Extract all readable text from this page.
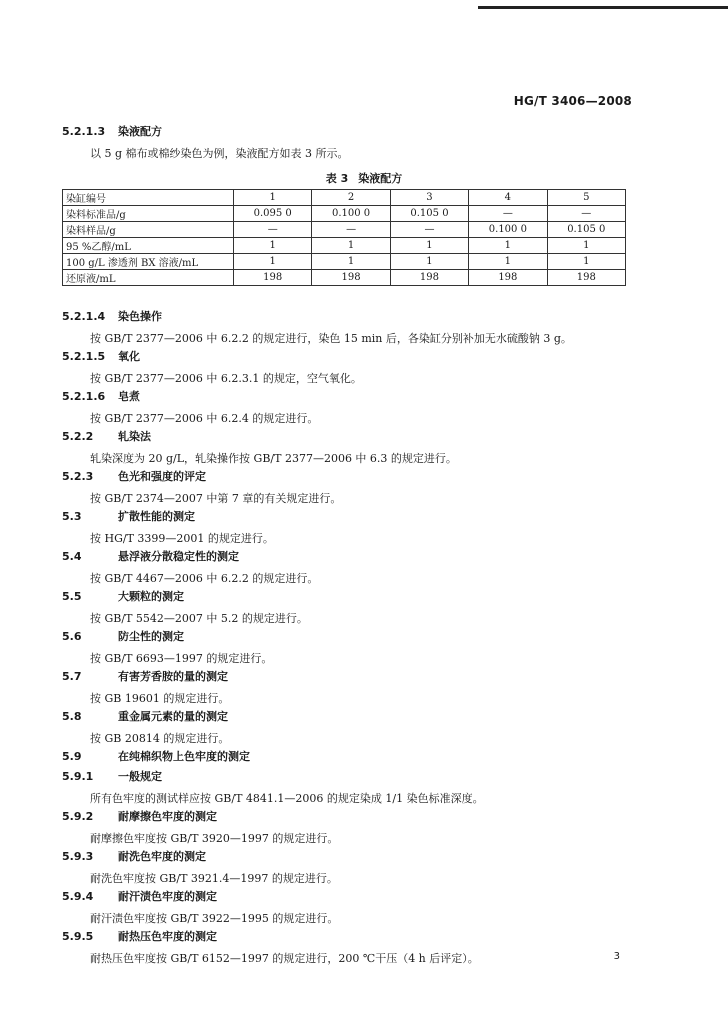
HG/T 3406—2008
5.2.1.3 染液配方
以 5 g 棉布或棉纱染色为例，染液配方如表 3 所示。
5.2.1.4 染色操作
按 GB/T 2377—2006 中 6.2.2 的规定进行，染色 15 min 后，各染缸分别补加无水硫酸钠 3 g。
5.2.1.5 氧化
按 GB/T 2377—2006 中 6.2.3.1 的规定，空气氧化。
5.2.1.6 皂煮
按 GB/T 2377—2006 中 6.2.4 的规定进行。
5.2.2 轧染法
轧染深度为 20 g/L，轧染操作按 GB/T 2377—2006 中 6.3 的规定进行。
5.2.3 色光和强度的评定
按 GB/T 2374—2007 中第 7 章的有关规定进行。
5.3	扩散性能的测定
按 HG/T 3399—2001 的规定进行。
5.4	悬浮液分散稳定性的测定
按 GB/T 4467—2006 中 6.2.2 的规定进行。
5.5	大颗粒的测定
按 GB/T 5542—2007 中 5.2 的规定进行。
5.6	防尘性的测定
按 GB/T 6693—1997 的规定进行。
5.7	有害芳香胺的量的测定
按 GB 19601 的规定进行。
5.8	重金属元素的量的测定
按 GB 20814 的规定进行。
5.9	在纯棉织物上色牢度的测定
5.9.1 一般规定
所有色牢度的测试样应按 GB/T 4841.1—2006 的规定染成 1/1 染色标准深度。
5.9.2 耐摩擦色牢度的测定
耐摩擦色牢度按 GB/T 3920—1997 的规定进行。
5.9.3 耐洗色牢度的测定
耐洗色牢度按 GB/T 3921.4—1997 的规定进行。
5.9.4 耐汗渍色牢度的测定
耐汗渍色牢度按 GB/T 3922—1995 的规定进行。
5.9.5 耐热压色牢度的测定
耐热压色牢度按 GB/T 6152—1997 的规定进行，200 ℃干压（4 h 后评定）。
表 3 染液配方
染缸编号	1	2	3	4	5
染料标准品/g	0.095 0	0.100 0	0.105 0	—	—
染料样品/g	—	—	—	0.100 0	0.105 0
95 %乙醇/mL	1	1	1	1	1
100 g/L 渗透剂 BX 溶液/mL	1	1	1	1	1
还原液/mL	198	198	198	198	198
3
